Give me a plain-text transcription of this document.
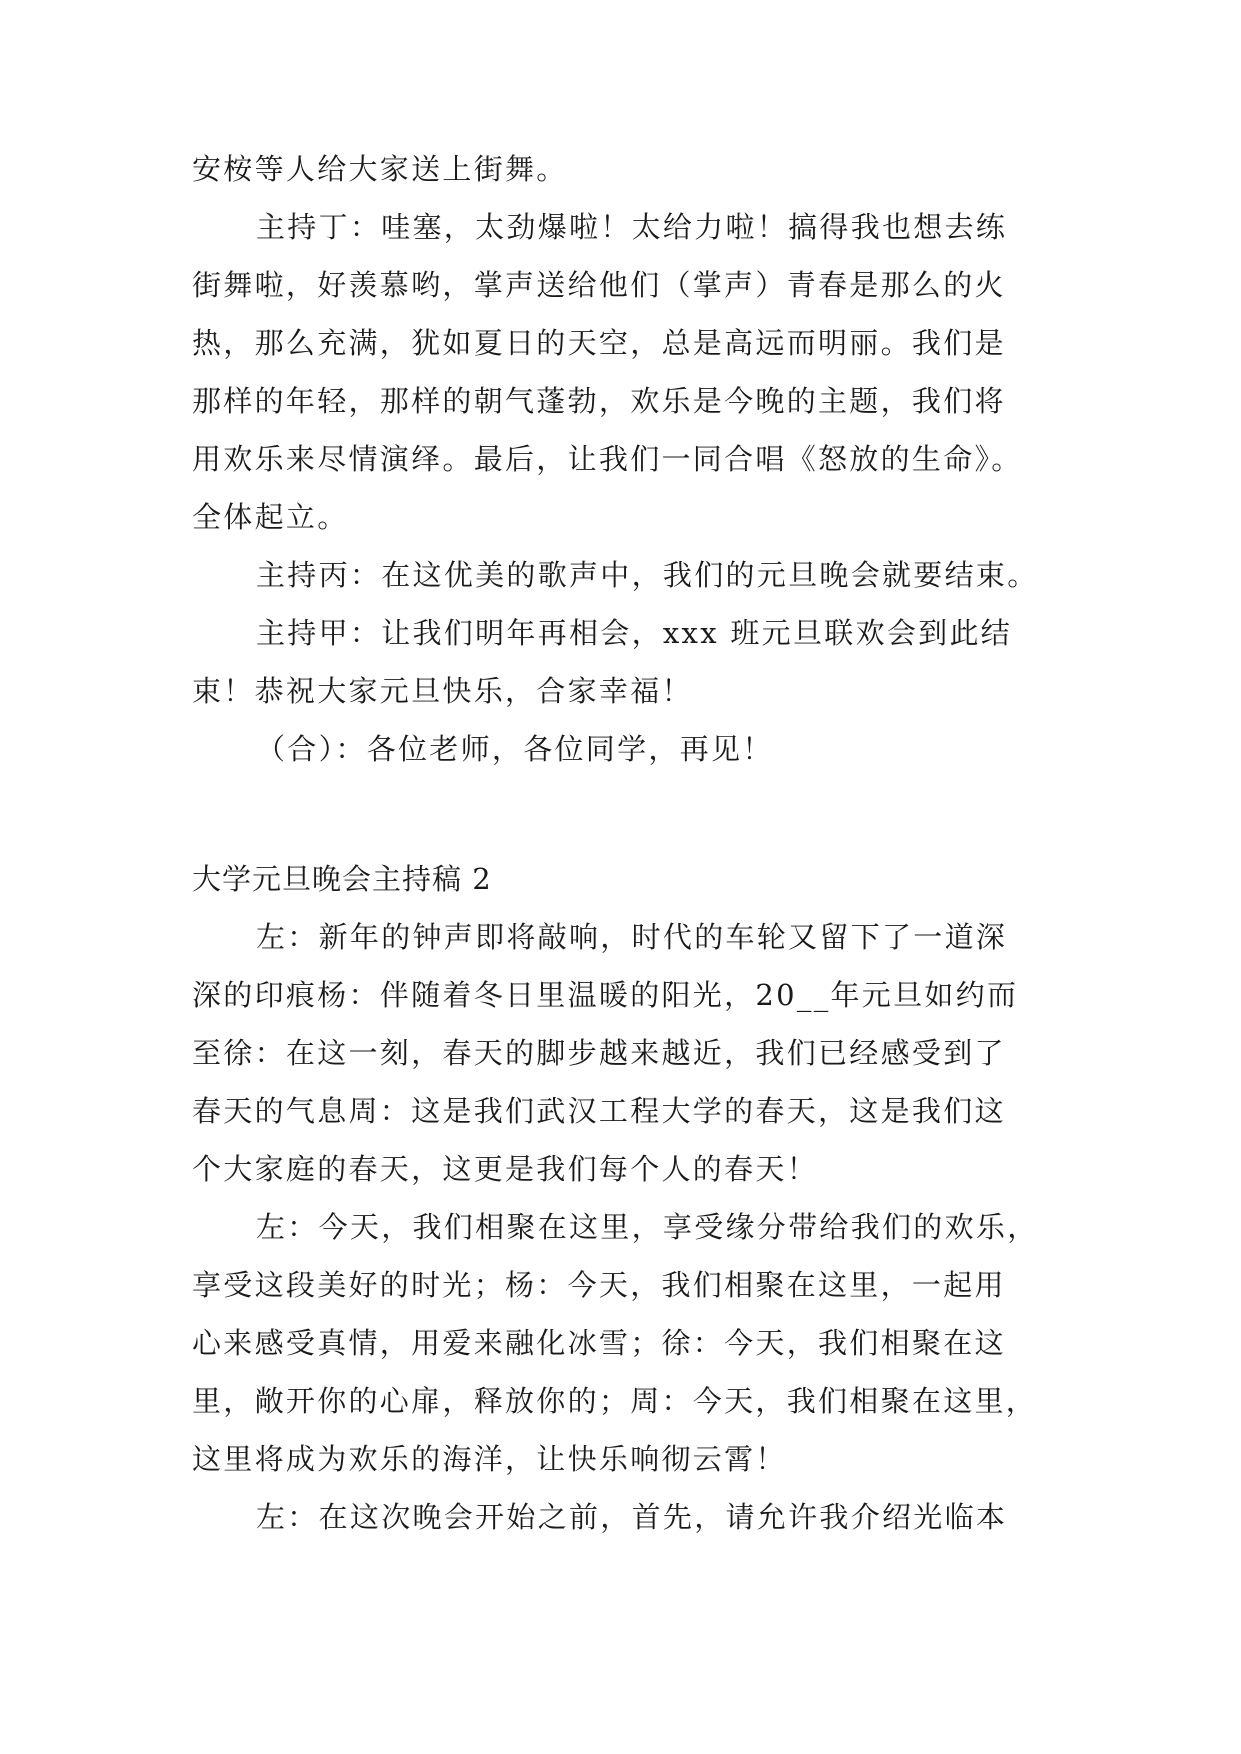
安桉等人给大家送上街舞。

主持丁：哇塞，太劲爆啦！太给力啦！搞得我也想去练

街舞啦，好羡慕哟，掌声送给他们（掌声）青春是那么的火

热，那么充满，犹如夏日的天空，总是高远而明丽。我们是

那样的年轻，那样的朝气蓬勃，欢乐是今晚的主题，我们将

用欢乐来尽情演绎。最后，让我们一同合唱《怒放的生命》。

全体起立。

主持丙：在这优美的歌声中，我们的元旦晚会就要结束。

主持甲：让我们明年再相会，xxx 班元旦联欢会到此结

束！恭祝大家元旦快乐，合家幸福！

（合）：各位老师，各位同学，再见！

大学元旦晚会主持稿 2

左：新年的钟声即将敲响，时代的车轮又留下了一道深

深的印痕杨：伴随着冬日里温暖的阳光，20__年元旦如约而

至徐：在这一刻，春天的脚步越来越近，我们已经感受到了

春天的气息周：这是我们武汉工程大学的春天，这是我们这

个大家庭的春天，这更是我们每个人的春天！

左：今天，我们相聚在这里，享受缘分带给我们的欢乐，

享受这段美好的时光；杨：今天，我们相聚在这里，一起用

心来感受真情，用爱来融化冰雪；徐：今天，我们相聚在这

里，敞开你的心扉，释放你的；周：今天，我们相聚在这里，

这里将成为欢乐的海洋，让快乐响彻云霄！

左：在这次晚会开始之前，首先，请允许我介绍光临本
